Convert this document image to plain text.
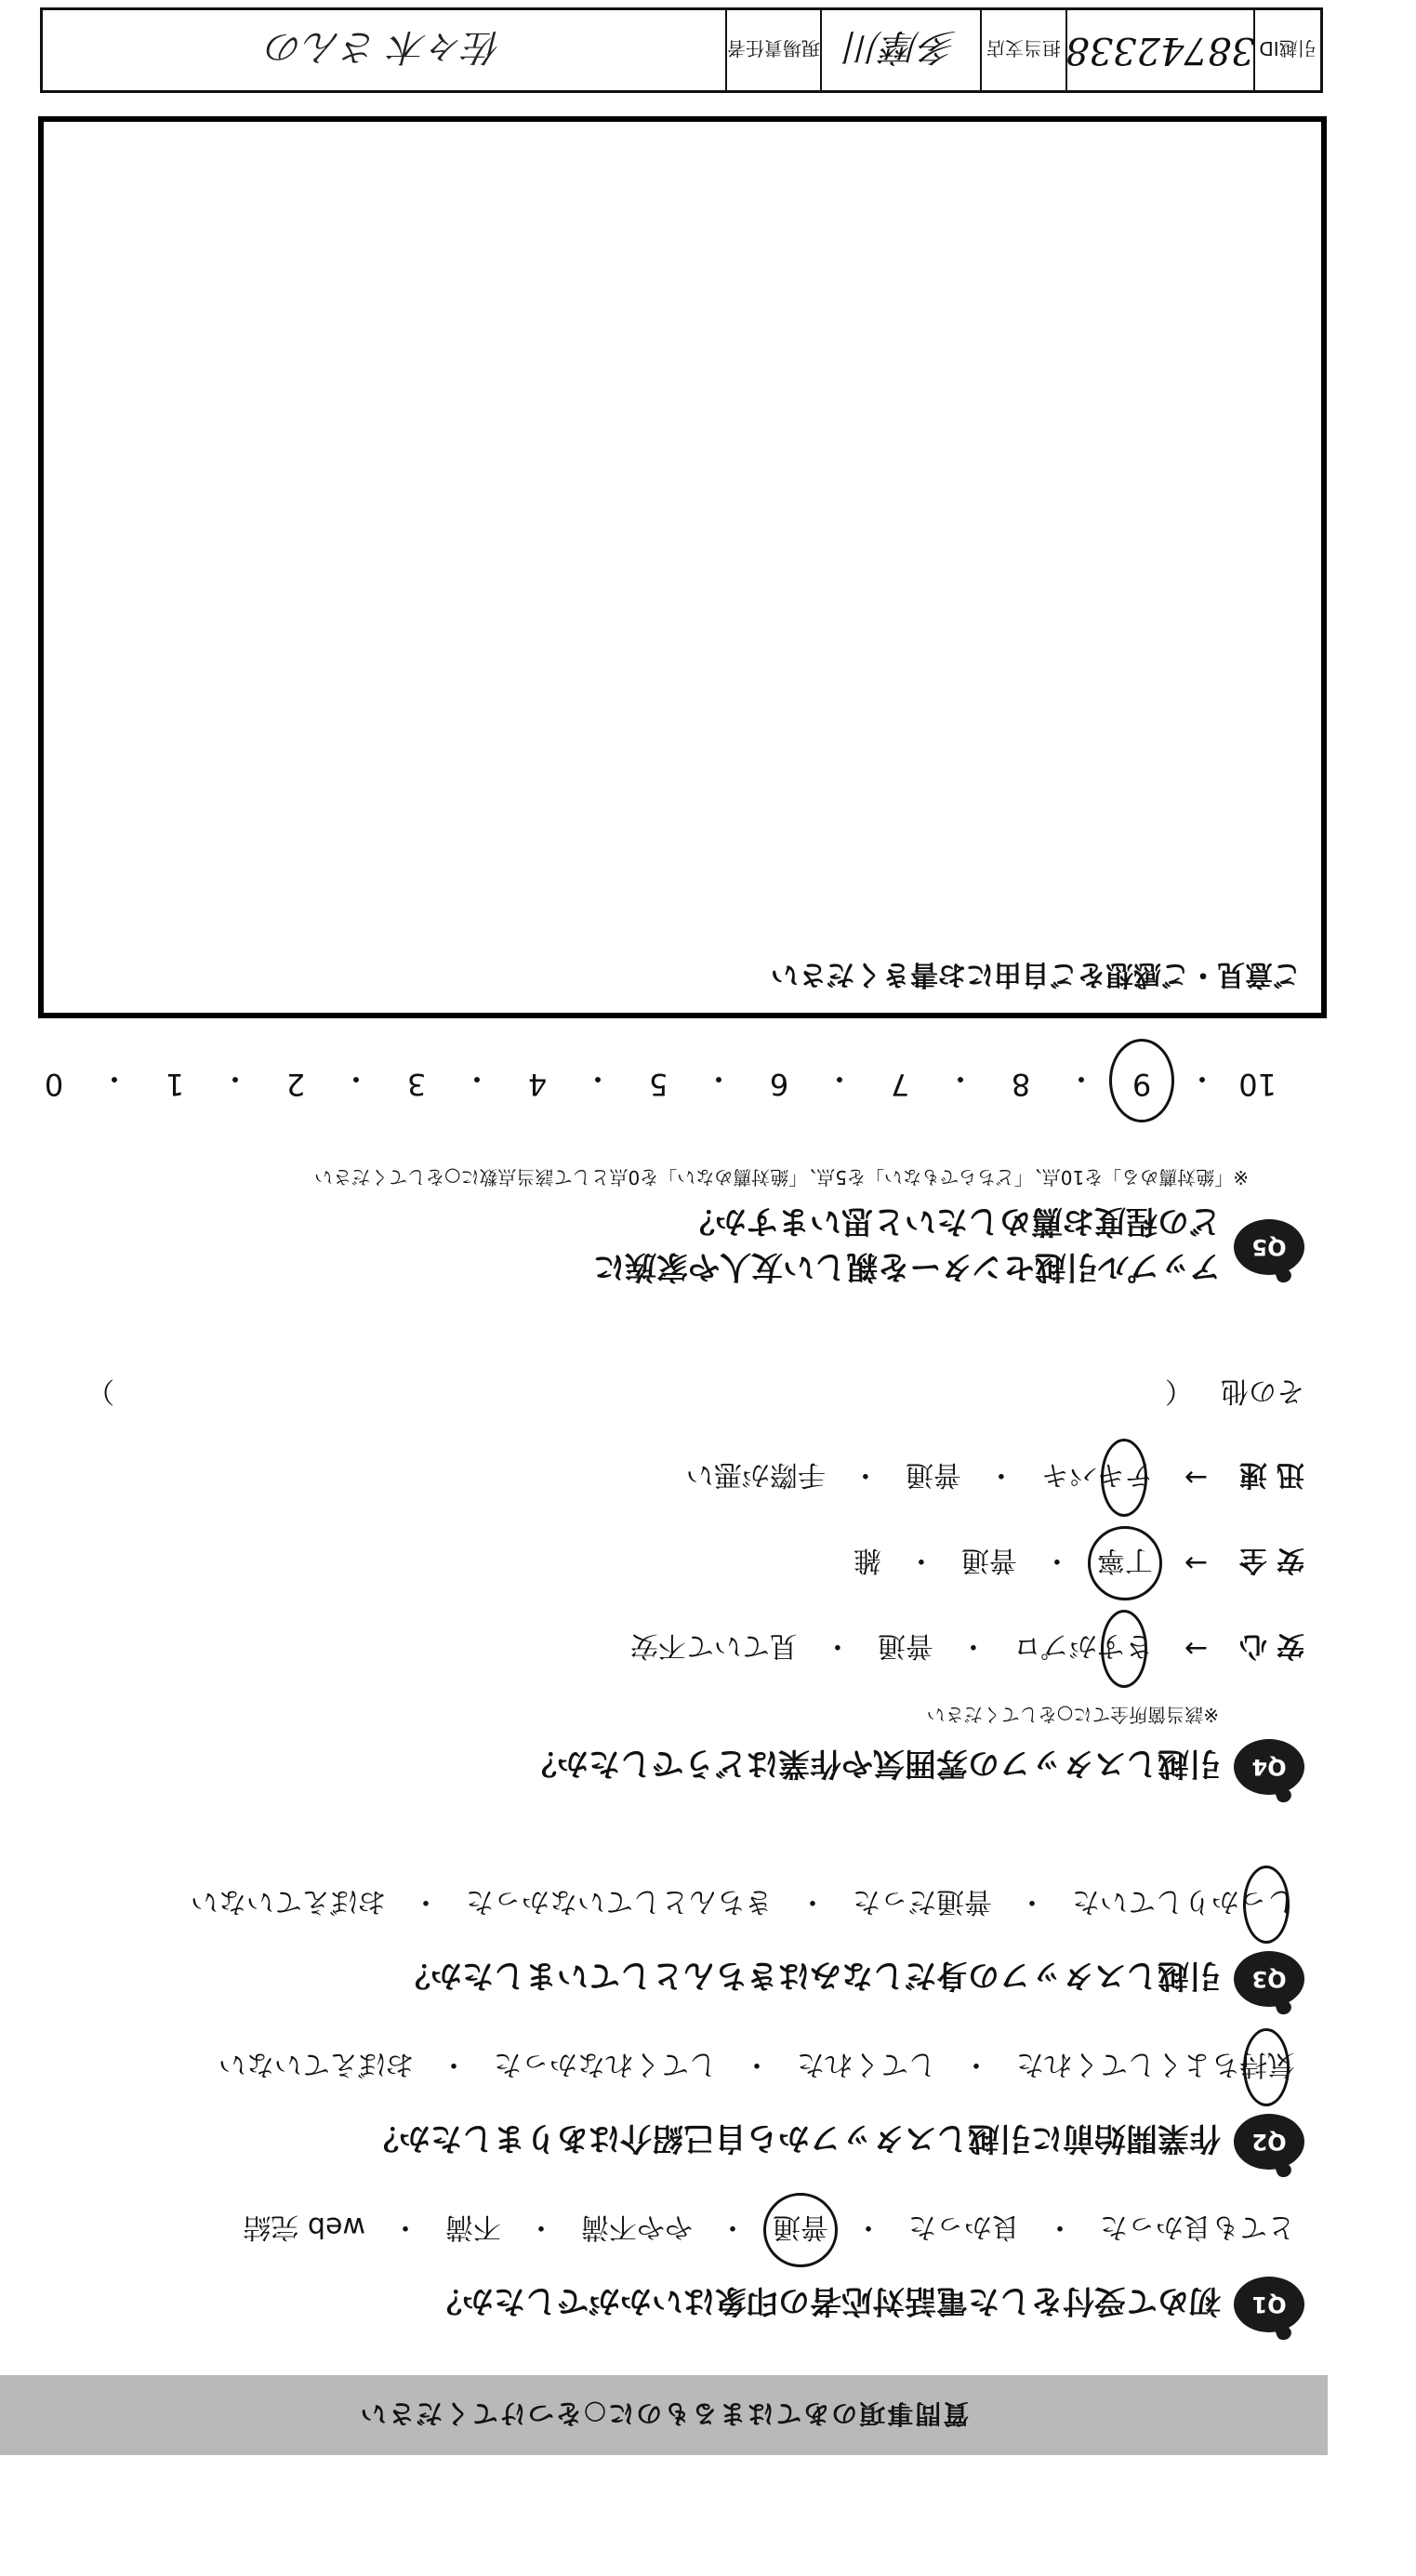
質問事項のあてはまるものに○をつけてください
Q1
初めて受付をした電話対応者の印象はいかがでしたか？
とても良かった
・
良かった
・
普通
・
やや不満
・
不満
・
web 完結
Q2
作業開始前に引越しスタッフから自己紹介はありましたか？
気持ちよくしてくれた
・
してくれた
・
してくれなかった
・
おぼえていない
Q3
引越しスタッフの身だしなみはきちんとしていましたか？
しっかりしていた
・
普通だった
・
きちんとしていなかった
・
おぼえていない
Q4
引越しスタッフの雰囲気や作業はどうでしたか？
※該当箇所全てに○をしてください
安心
→
さすがプロ
・
普通
・
見ていて不安
安全
→
丁寧
・
普通
・
雑
迅速
→
テキパキ
・
普通
・
手際が悪い
その他
（
）
Q5
アップル引越センターを親しい友人や家族に
どの程度お薦めしたいと思いますか？
※「絶対薦める」を10点、「どちらでもない」を5点、「絶対薦めない」を0点として該当点数に○をしてください
10
・
9
・
8
・
7
・
6
・
5
・
4
・
3
・
2
・
1
・
0
ご意見・ご感想をご自由にお書きください
引越ID
38742338
担当支店
多摩川
現場責任者
佐々木 さんの
